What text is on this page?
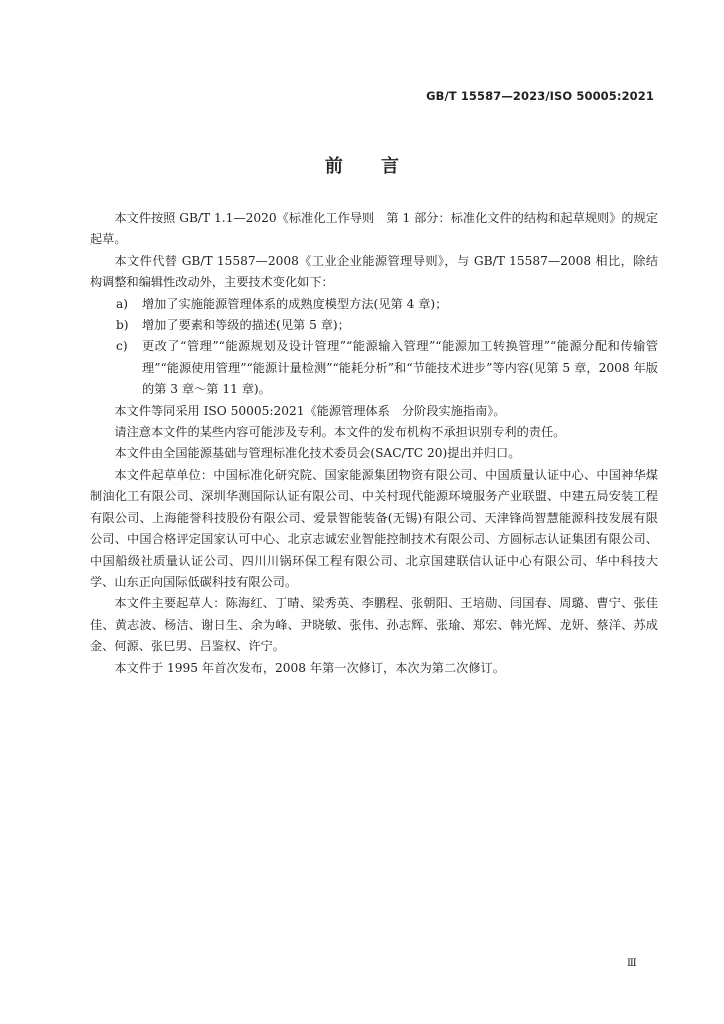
GB/T 15587—2023/ISO 50005:2021
前 言

本文件按照 GB/T 1.1—2020《标准化工作导则　第 1 部分：标准化文件的结构和起草规则》的规定起草。

本文件代替 GB/T 15587—2008《工业企业能源管理导则》，与 GB/T 15587—2008 相比，除结构调整和编辑性改动外，主要技术变化如下：

a) 增加了实施能源管理体系的成熟度模型方法(见第 4 章)；

b) 增加了要素和等级的描述(见第 5 章)；

c) 更改了“管理”“能源规划及设计管理”“能源输入管理”“能源加工转换管理”“能源分配和传输管理”“能源使用管理”“能源计量检测”“能耗分析”和“节能技术进步”等内容(见第 5 章，2008 年版的第 3 章～第 11 章)。

本文件等同采用 ISO 50005:2021《能源管理体系　分阶段实施指南》。

请注意本文件的某些内容可能涉及专利。本文件的发布机构不承担识别专利的责任。

本文件由全国能源基础与管理标准化技术委员会(SAC/TC 20)提出并归口。

本文件起草单位：中国标准化研究院、国家能源集团物资有限公司、中国质量认证中心、中国神华煤制油化工有限公司、深圳华测国际认证有限公司、中关村现代能源环境服务产业联盟、中建五局安装工程有限公司、上海能誉科技股份有限公司、爱景智能装备(无锡)有限公司、天津锋尚智慧能源科技发展有限公司、中国合格评定国家认可中心、北京志诚宏业智能控制技术有限公司、方圆标志认证集团有限公司、中国船级社质量认证公司、四川川锅环保工程有限公司、北京国建联信认证中心有限公司、华中科技大学、山东正向国际低碳科技有限公司。

本文件主要起草人：陈海红、丁晴、梁秀英、李鹏程、张朝阳、王培勋、闫国春、周璐、曹宁、张佳佳、黄志波、杨洁、谢日生、余为峰、尹晓敏、张伟、孙志辉、张瑜、郑宏、韩光辉、龙妍、蔡洋、苏成金、何源、张巳男、吕鉴权、许宁。

本文件于 1995 年首次发布，2008 年第一次修订，本次为第二次修订。

Ⅲ
